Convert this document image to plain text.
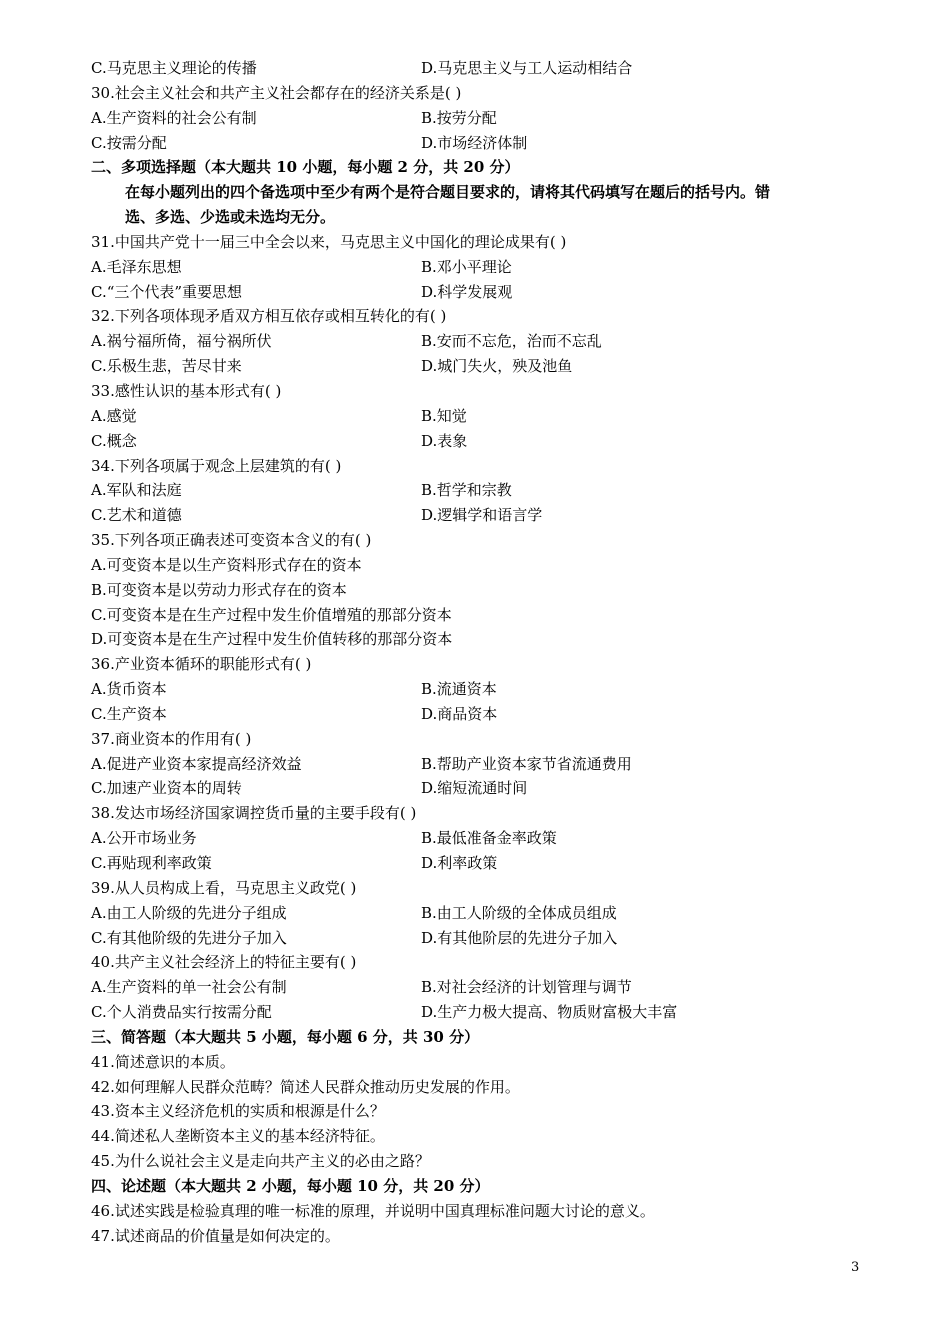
C.马克思主义理论的传播	D.马克思主义与工人运动相结合
30.社会主义社会和共产主义社会都存在的经济关系是( )
A.生产资料的社会公有制	B.按劳分配
C.按需分配	D.市场经济体制
二、多项选择题（本大题共 10 小题，每小题 2 分，共 20 分）
在每小题列出的四个备选项中至少有两个是符合题目要求的，请将其代码填写在题后的括号内。错
选、多选、少选或未选均无分。
31.中国共产党十一届三中全会以来，马克思主义中国化的理论成果有( )
A.毛泽东思想	B.邓小平理论
C.“三个代表”重要思想	D.科学发展观
32.下列各项体现矛盾双方相互依存或相互转化的有( )
A.祸兮福所倚，福兮祸所伏	B.安而不忘危，治而不忘乱
C.乐极生悲，苦尽甘来	D.城门失火，殃及池鱼
33.感性认识的基本形式有( )
A.感觉	B.知觉
C.概念	D.表象
34.下列各项属于观念上层建筑的有( )
A.军队和法庭	B.哲学和宗教
C.艺术和道德	D.逻辑学和语言学
35.下列各项正确表述可变资本含义的有( )
A.可变资本是以生产资料形式存在的资本
B.可变资本是以劳动力形式存在的资本
C.可变资本是在生产过程中发生价值增殖的那部分资本
D.可变资本是在生产过程中发生价值转移的那部分资本
36.产业资本循环的职能形式有( )
A.货币资本	B.流通资本
C.生产资本	D.商品资本
37.商业资本的作用有( )
A.促进产业资本家提高经济效益	B.帮助产业资本家节省流通费用
C.加速产业资本的周转	D.缩短流通时间
38.发达市场经济国家调控货币量的主要手段有( )
A.公开市场业务	B.最低准备金率政策
C.再贴现利率政策	D.利率政策
39.从人员构成上看，马克思主义政党( )
A.由工人阶级的先进分子组成	B.由工人阶级的全体成员组成
C.有其他阶级的先进分子加入	D.有其他阶层的先进分子加入
40.共产主义社会经济上的特征主要有( )
A.生产资料的单一社会公有制	B.对社会经济的计划管理与调节
C.个人消费品实行按需分配	D.生产力极大提高、物质财富极大丰富
三、简答题（本大题共 5 小题，每小题 6 分，共 30 分）
41.简述意识的本质。
42.如何理解人民群众范畴？简述人民群众推动历史发展的作用。
43.资本主义经济危机的实质和根源是什么？
44.简述私人垄断资本主义的基本经济特征。
45.为什么说社会主义是走向共产主义的必由之路？
四、论述题（本大题共 2 小题，每小题 10 分，共 20 分）
46.试述实践是检验真理的唯一标准的原理，并说明中国真理标准问题大讨论的意义。
47.试述商品的价值量是如何决定的。
3
